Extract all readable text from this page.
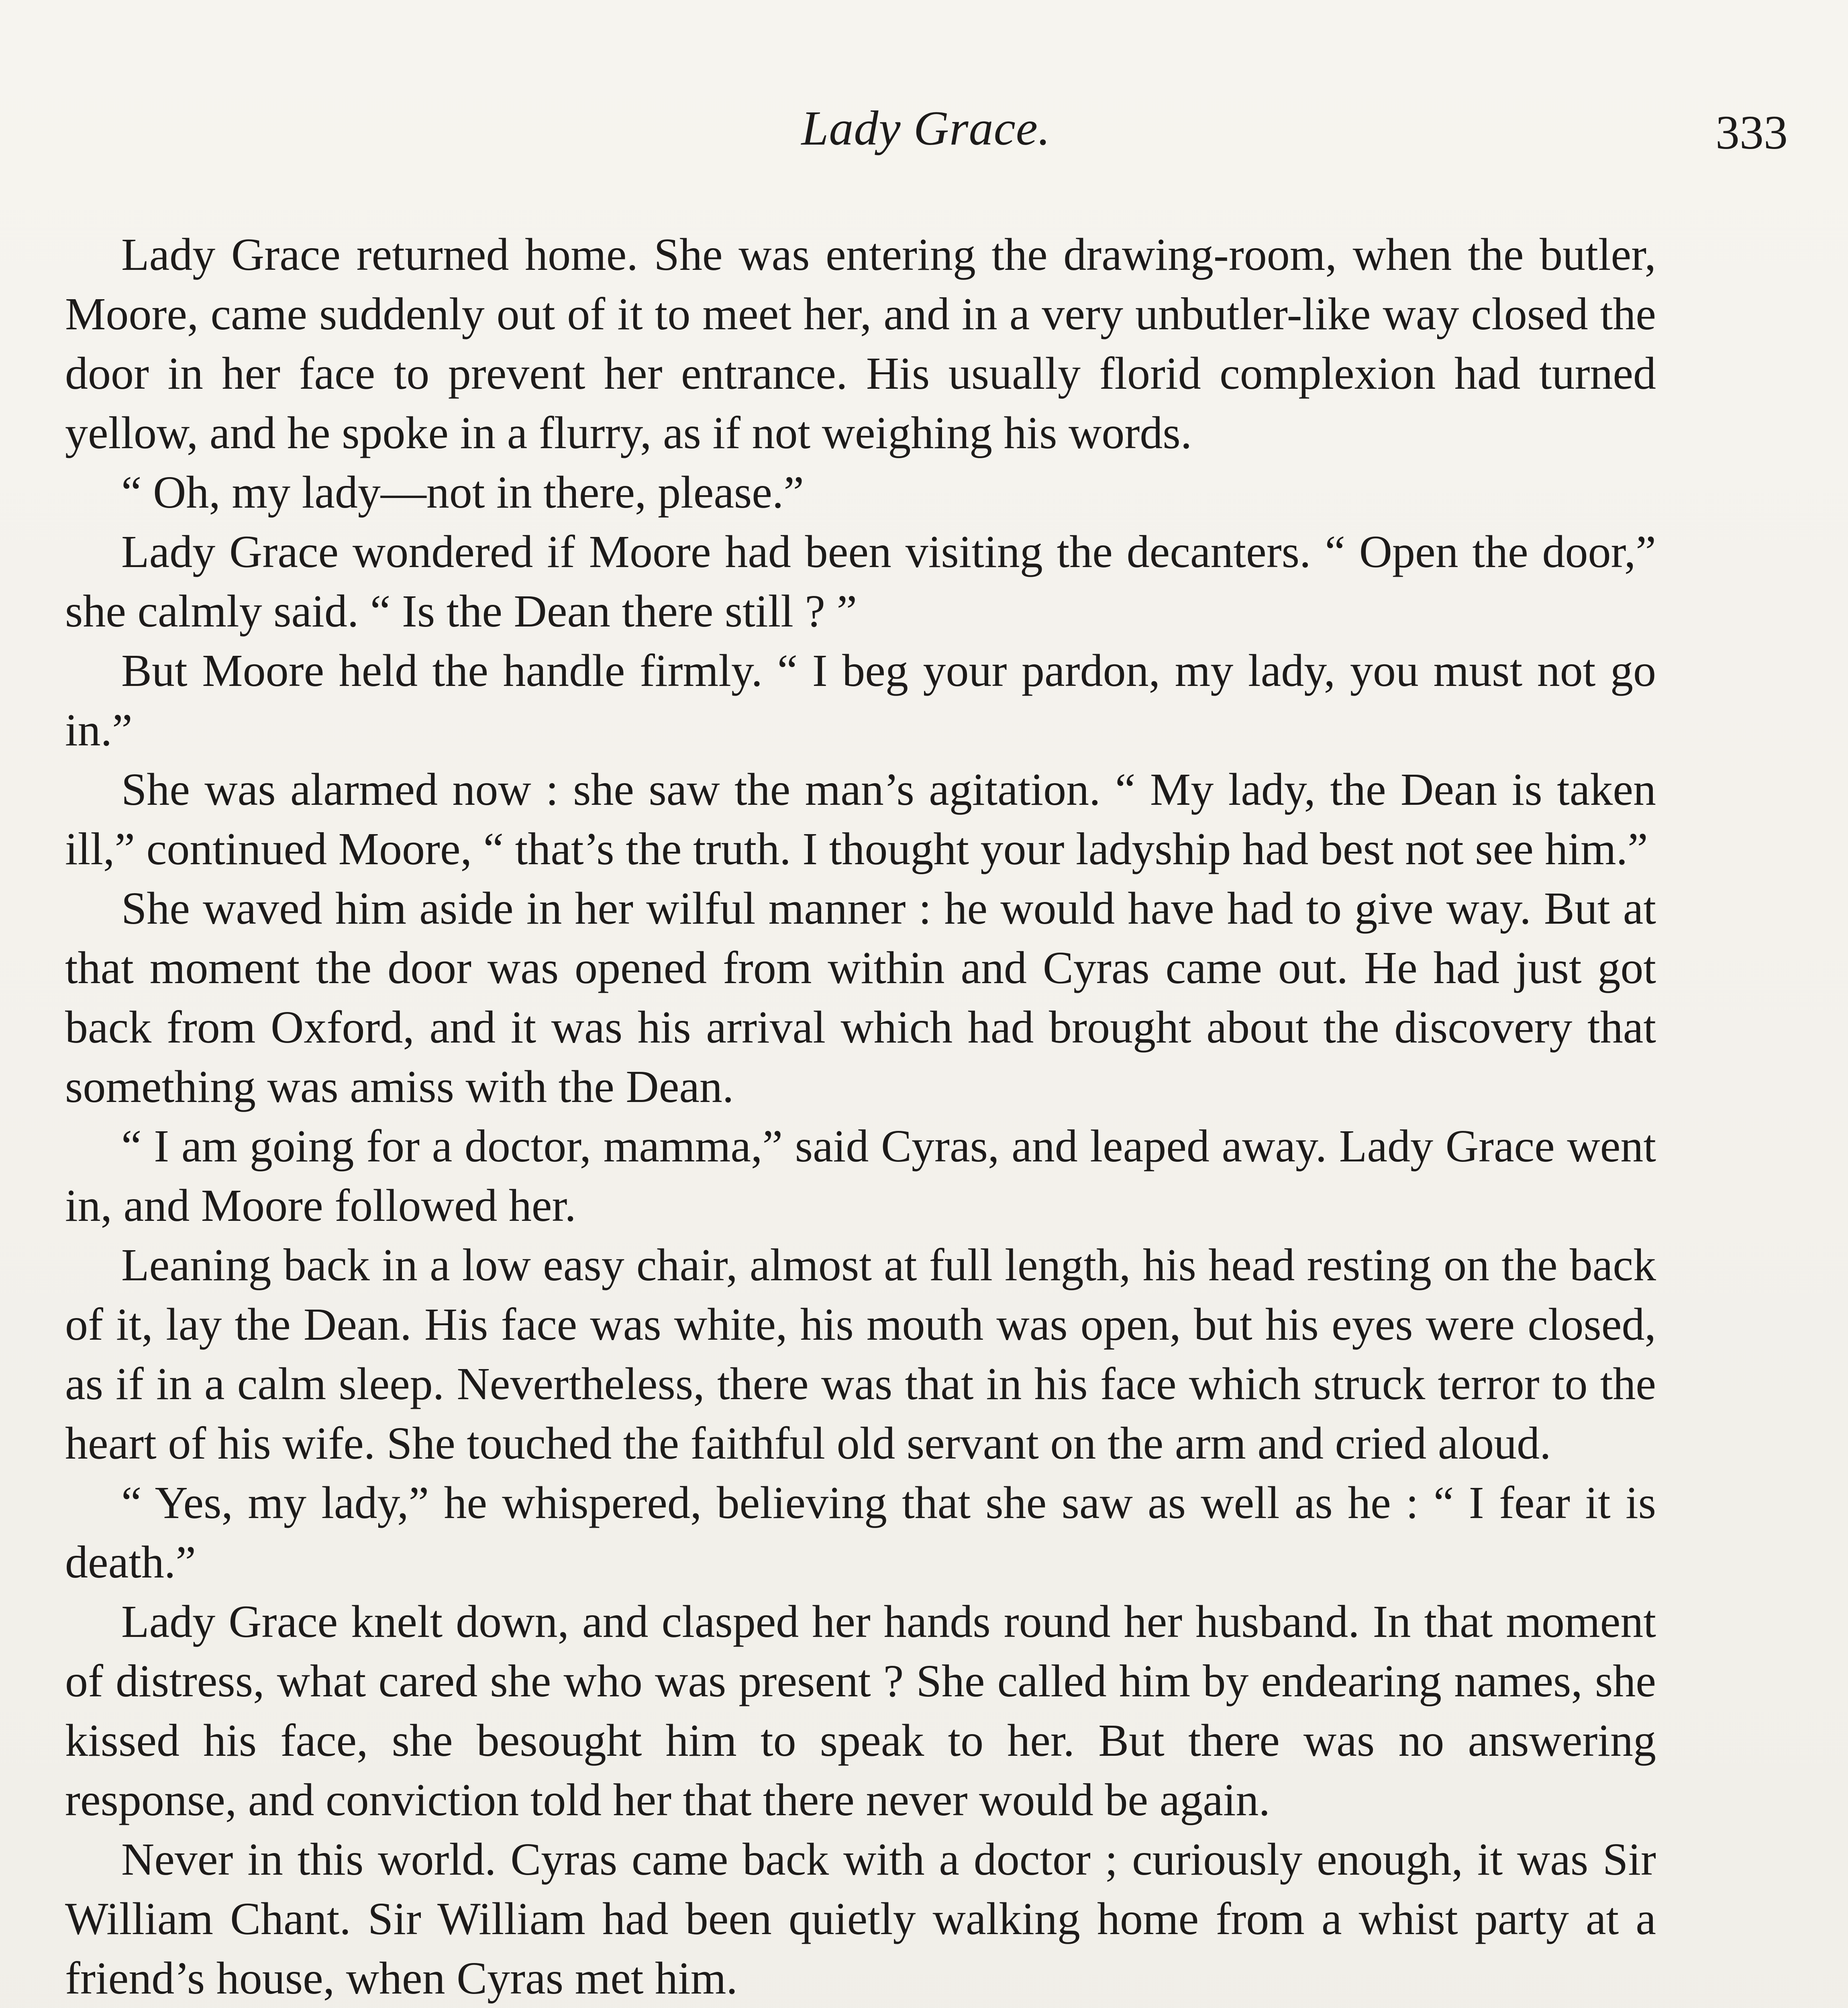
Lady Grace.	333

Lady Grace returned home. She was entering the drawing-room, when the butler, Moore, came suddenly out of it to meet her, and in a very unbutler-like way closed the door in her face to prevent her entrance. His usually florid complexion had turned yellow, and he spoke in a flurry, as if not weighing his words.

“ Oh, my lady—not in there, please.”

Lady Grace wondered if Moore had been visiting the decanters. “ Open the door,” she calmly said. “ Is the Dean there still ? ”

But Moore held the handle firmly. “ I beg your pardon, my lady, you must not go in.”

She was alarmed now : she saw the man’s agitation. “ My lady, the Dean is taken ill,” continued Moore, “ that’s the truth. I thought your ladyship had best not see him.”

She waved him aside in her wilful manner : he would have had to give way. But at that moment the door was opened from within and Cyras came out. He had just got back from Oxford, and it was his arrival which had brought about the discovery that something was amiss with the Dean.

“ I am going for a doctor, mamma,” said Cyras, and leaped away. Lady Grace went in, and Moore followed her.

Leaning back in a low easy chair, almost at full length, his head resting on the back of it, lay the Dean. His face was white, his mouth was open, but his eyes were closed, as if in a calm sleep. Nevertheless, there was that in his face which struck terror to the heart of his wife. She touched the faithful old servant on the arm and cried aloud.

“ Yes, my lady,” he whispered, believing that she saw as well as he : “ I fear it is death.”

Lady Grace knelt down, and clasped her hands round her husband. In that moment of distress, what cared she who was present ? She called him by endearing names, she kissed his face, she besought him to speak to her. But there was no answering response, and conviction told her that there never would be again.

Never in this world. Cyras came back with a doctor ; curiously enough, it was Sir William Chant. Sir William had been quietly walking home from a whist party at a friend’s house, when Cyras met him.
